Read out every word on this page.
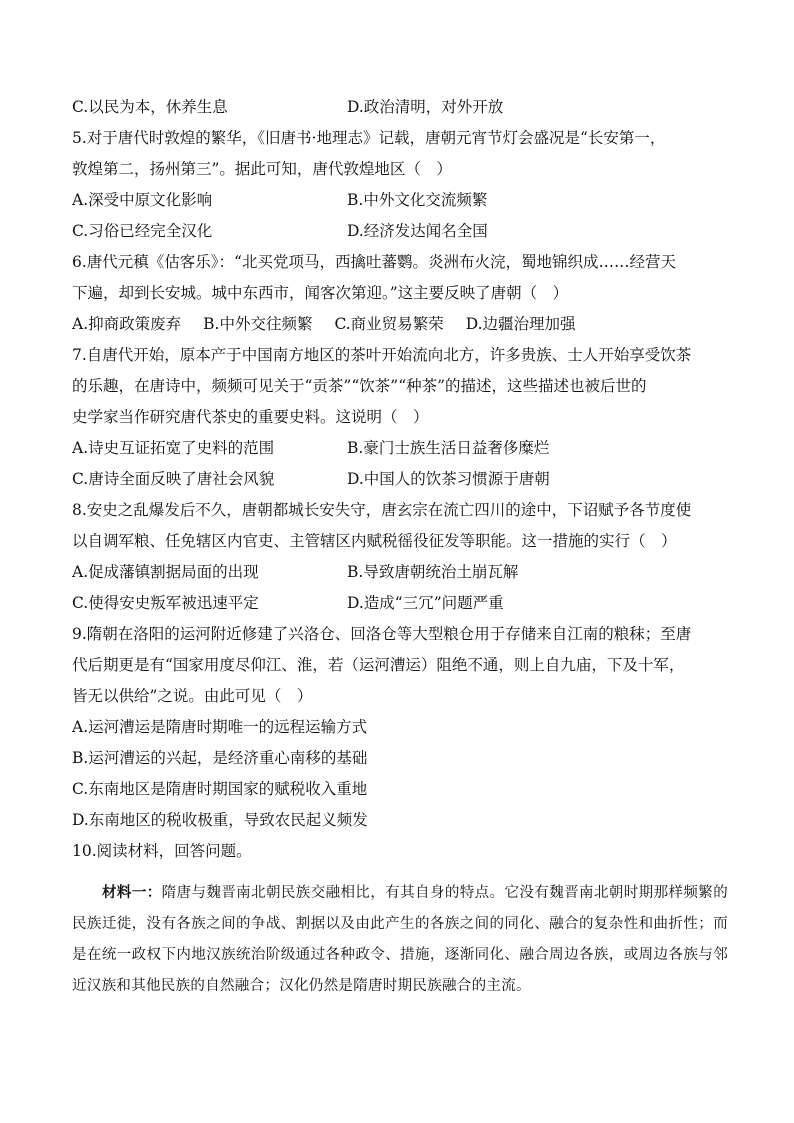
C.以民为本，休养生息	D.政治清明，对外开放
5.对于唐代时敦煌的繁华，《旧唐书·地理志》记载，唐朝元宵节灯会盛况是“长安第一，
敦煌第二，扬州第三”。据此可知，唐代敦煌地区（　）
A.深受中原文化影响	B.中外文化交流频繁
C.习俗已经完全汉化	D.经济发达闻名全国
6.唐代元稹《估客乐》：“北买党项马，西擒吐蕃鹦。炎洲布火浣，蜀地锦织成……经营天
下遍，却到长安城。城中东西市，闻客次第迎。”这主要反映了唐朝（　）
A.抑商政策废弃 B.中外交往频繁 C.商业贸易繁荣 D.边疆治理加强
7.自唐代开始，原本产于中国南方地区的茶叶开始流向北方，许多贵族、士人开始享受饮茶
的乐趣，在唐诗中，频频可见关于“贡茶”“饮茶”“种茶”的描述，这些描述也被后世的
史学家当作研究唐代茶史的重要史料。这说明（　）
A.诗史互证拓宽了史料的范围	B.豪门士族生活日益奢侈糜烂
C.唐诗全面反映了唐社会风貌	D.中国人的饮茶习惯源于唐朝
8.安史之乱爆发后不久，唐朝都城长安失守，唐玄宗在流亡四川的途中，下诏赋予各节度使
以自调军粮、任免辖区内官吏、主管辖区内赋税徭役征发等职能。这一措施的实行（　）
A.促成藩镇割据局面的出现	B.导致唐朝统治土崩瓦解
C.使得安史叛军被迅速平定	D.造成“三冗”问题严重
9.隋朝在洛阳的运河附近修建了兴洛仓、回洛仓等大型粮仓用于存储来自江南的粮秣；至唐
代后期更是有“国家用度尽仰江、淮，若（运河漕运）阻绝不通，则上自九庙，下及十军，
皆无以供给”之说。由此可见（　）
A.运河漕运是隋唐时期唯一的远程运输方式
B.运河漕运的兴起，是经济重心南移的基础
C.东南地区是隋唐时期国家的赋税收入重地
D.东南地区的税收极重，导致农民起义频发
10.阅读材料，回答问题。
材料一：隋唐与魏晋南北朝民族交融相比，有其自身的特点。它没有魏晋南北朝时期那样频繁的民族迁徙，没有各族之间的争战、割据以及由此产生的各族之间的同化、融合的复杂性和曲折性；而是在统一政权下内地汉族统治阶级通过各种政令、措施，逐渐同化、融合周边各族，或周边各族与邻近汉族和其他民族的自然融合；汉化仍然是隋唐时期民族融合的主流。
